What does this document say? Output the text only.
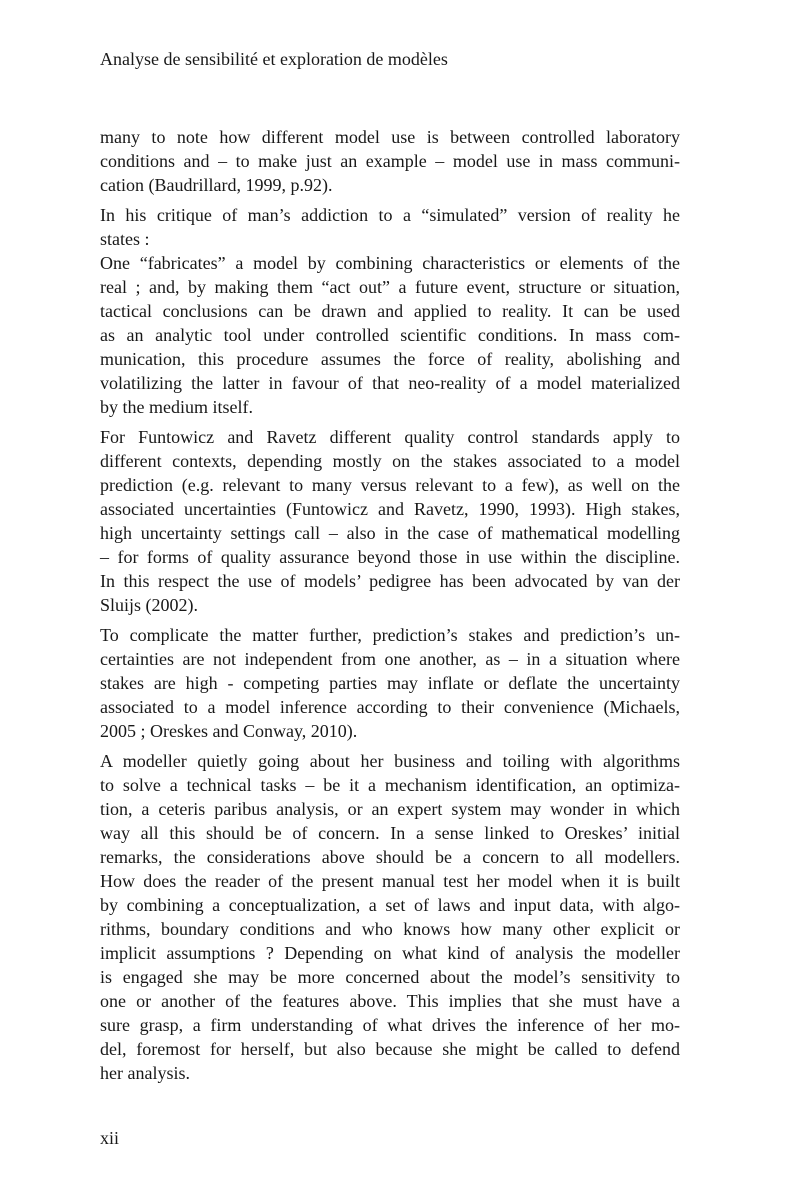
Analyse de sensibilité et exploration de modèles
many to note how different model use is between controlled laboratory
conditions and – to make just an example – model use in mass communi-
cation (Baudrillard, 1999, p.92).
In his critique of man’s addiction to a “simulated” version of reality he
states :
One “fabricates” a model by combining characteristics or elements of the
real ; and, by making them “act out” a future event, structure or situation,
tactical conclusions can be drawn and applied to reality. It can be used
as an analytic tool under controlled scientific conditions. In mass com-
munication, this procedure assumes the force of reality, abolishing and
volatilizing the latter in favour of that neo-reality of a model materialized
by the medium itself.
For Funtowicz and Ravetz different quality control standards apply to
different contexts, depending mostly on the stakes associated to a model
prediction (e.g. relevant to many versus relevant to a few), as well on the
associated uncertainties (Funtowicz and Ravetz, 1990, 1993). High stakes,
high uncertainty settings call – also in the case of mathematical modelling
– for forms of quality assurance beyond those in use within the discipline.
In this respect the use of models’ pedigree has been advocated by van der
Sluijs (2002).
To complicate the matter further, prediction’s stakes and prediction’s un-
certainties are not independent from one another, as – in a situation where
stakes are high - competing parties may inflate or deflate the uncertainty
associated to a model inference according to their convenience (Michaels,
2005 ; Oreskes and Conway, 2010).
A modeller quietly going about her business and toiling with algorithms
to solve a technical tasks – be it a mechanism identification, an optimiza-
tion, a ceteris paribus analysis, or an expert system may wonder in which
way all this should be of concern. In a sense linked to Oreskes’ initial
remarks, the considerations above should be a concern to all modellers.
How does the reader of the present manual test her model when it is built
by combining a conceptualization, a set of laws and input data, with algo-
rithms, boundary conditions and who knows how many other explicit or
implicit assumptions ? Depending on what kind of analysis the modeller
is engaged she may be more concerned about the model’s sensitivity to
one or another of the features above. This implies that she must have a
sure grasp, a firm understanding of what drives the inference of her mo-
del, foremost for herself, but also because she might be called to defend
her analysis.
xii
